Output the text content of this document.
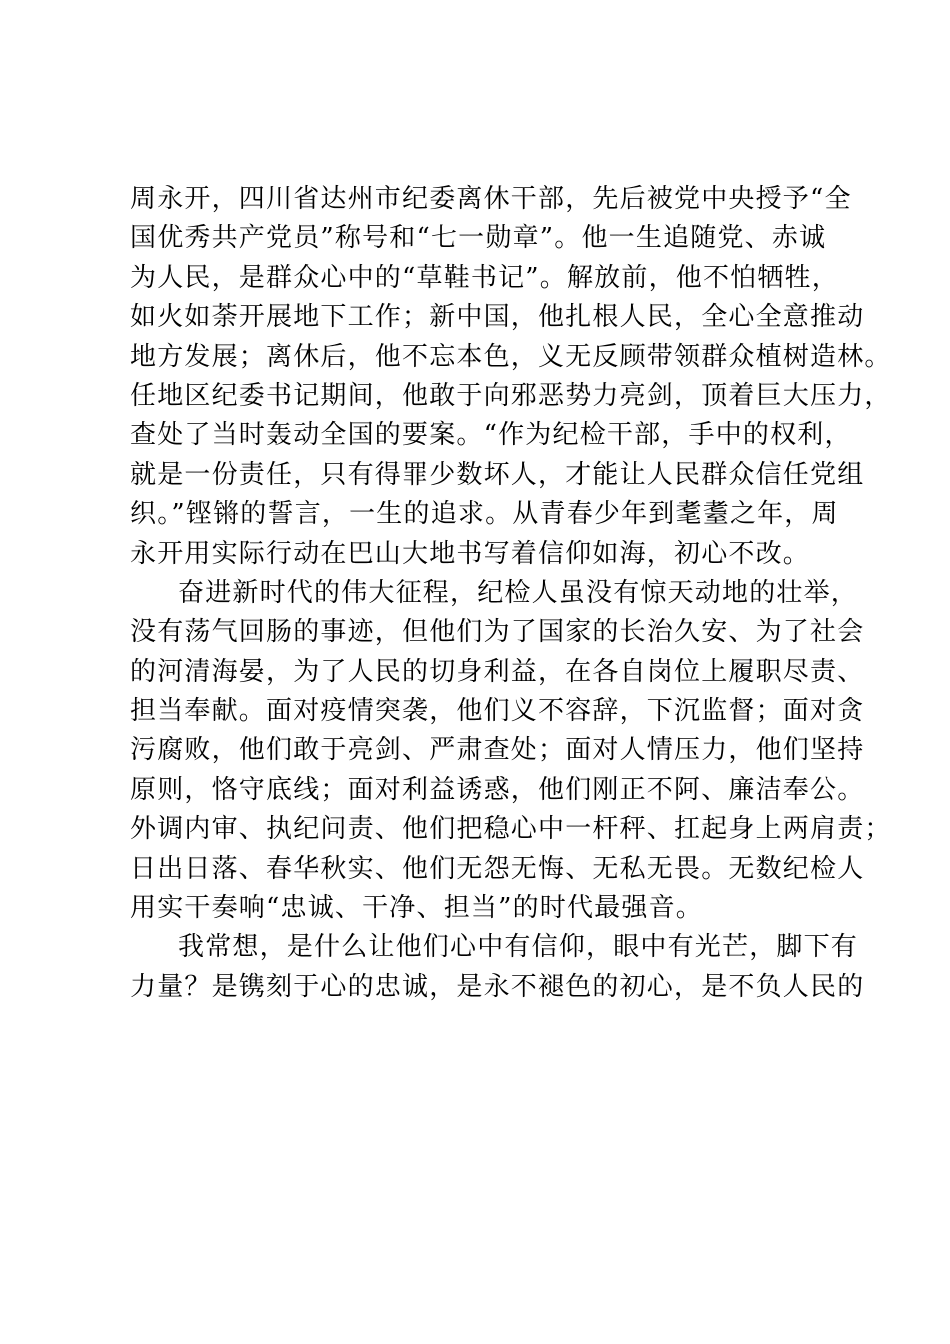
周永开，四川省达州市纪委离休干部，先后被党中央授予“全
国优秀共产党员”称号和“七一勋章”。他一生追随党、赤诚
为人民，是群众心中的“草鞋书记”。解放前，他不怕牺牲，
如火如荼开展地下工作；新中国，他扎根人民，全心全意推动
地方发展；离休后，他不忘本色，义无反顾带领群众植树造林。
任地区纪委书记期间，他敢于向邪恶势力亮剑，顶着巨大压力，
查处了当时轰动全国的要案。“作为纪检干部，手中的权利，
就是一份责任，只有得罪少数坏人，才能让人民群众信任党组
织。”铿锵的誓言，一生的追求。从青春少年到耄耋之年，周
永开用实际行动在巴山大地书写着信仰如海，初心不改。
奋进新时代的伟大征程，纪检人虽没有惊天动地的壮举，
没有荡气回肠的事迹，但他们为了国家的长治久安、为了社会
的河清海晏，为了人民的切身利益，在各自岗位上履职尽责、
担当奉献。面对疫情突袭，他们义不容辞，下沉监督；面对贪
污腐败，他们敢于亮剑、严肃查处；面对人情压力，他们坚持
原则，恪守底线；面对利益诱惑，他们刚正不阿、廉洁奉公。
外调内审、执纪问责、他们把稳心中一杆秤、扛起身上两肩责；
日出日落、春华秋实、他们无怨无悔、无私无畏。无数纪检人
用实干奏响“忠诚、干净、担当”的时代最强音。
我常想，是什么让他们心中有信仰，眼中有光芒，脚下有
力量？是镌刻于心的忠诚，是永不褪色的初心，是不负人民的
